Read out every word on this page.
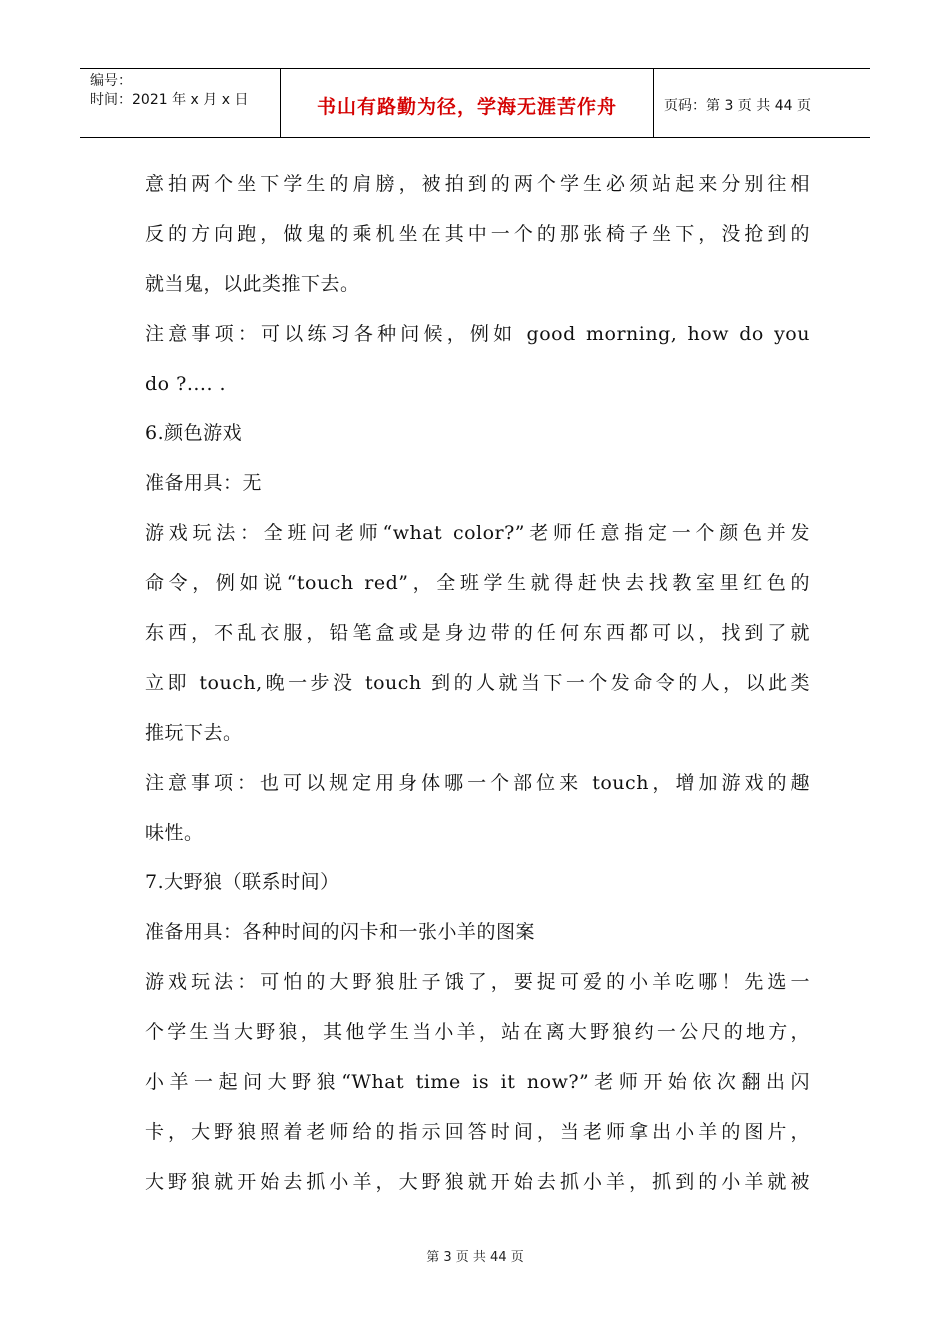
编号：
时间：2021 年 x 月 x 日	书山有路勤为径，学海无涯苦作舟	页码：第 3 页 共 44 页
意拍两个坐下学生的肩膀，被拍到的两个学生必须站起来分别往相
反的方向跑，做鬼的乘机坐在其中一个的那张椅子坐下，没抢到的
就当鬼，以此类推下去。
注意事项：可以练习各种问候，例如 good morning, how do you
do ?.... .
6.颜色游戏
准备用具：无
游戏玩法：全班问老师“what color?”老师任意指定一个颜色并发
命令，例如说“touch red”，全班学生就得赶快去找教室里红色的
东西，不乱衣服，铅笔盒或是身边带的任何东西都可以，找到了就
立即 touch,晚一步没 touch 到的人就当下一个发命令的人，以此类
推玩下去。
注意事项：也可以规定用身体哪一个部位来 touch，增加游戏的趣
味性。
7.大野狼（联系时间）
准备用具：各种时间的闪卡和一张小羊的图案
游戏玩法：可怕的大野狼肚子饿了，要捉可爱的小羊吃哪！先选一
个学生当大野狼，其他学生当小羊，站在离大野狼约一公尺的地方，
小羊一起问大野狼“What time is it now?”老师开始依次翻出闪
卡，大野狼照着老师给的指示回答时间，当老师拿出小羊的图片，
大野狼就开始去抓小羊，大野狼就开始去抓小羊，抓到的小羊就被
第 3 页 共 44 页
